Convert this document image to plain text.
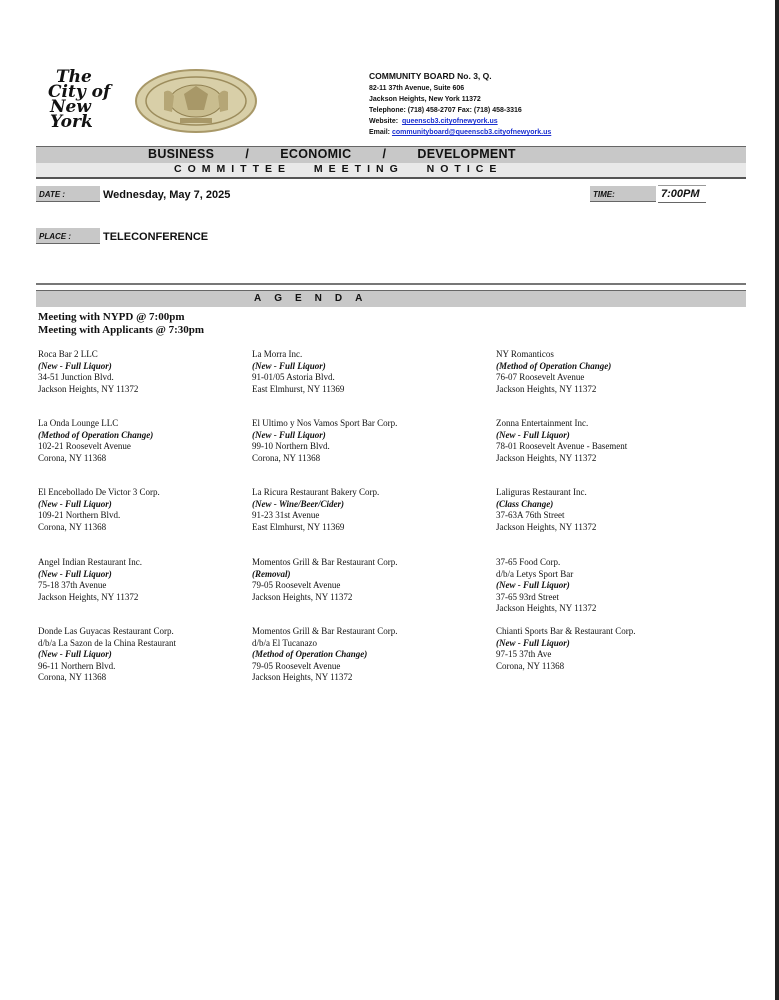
The
City of
New York
COMMUNITY BOARD No. 3, Q.
82-11 37th Avenue, Suite 606
Jackson Heights, New York 11372
Telephone: (718) 458-2707 Fax: (718) 458-3316
Website: queenscb3.cityofnewyork.us
Email: communityboard@queenscb3.cityofnewyork.us
BUSINESS    /    ECONOMIC    /    DEVELOPMENT
COMMITTEE MEETING NOTICE
DATE :	Wednesday, May 7, 2025	TIME:	7:00PM
PLACE :	TELECONFERENCE
AGENDA
Meeting with NYPD @ 7:00pm
Meeting with Applicants @ 7:30pm
Roca Bar 2 LLC
(New - Full Liquor)
34-51 Junction Blvd.
Jackson Heights, NY 11372
La Morra Inc.
(New - Full Liquor)
91-01/05 Astoria Blvd.
East Elmhurst, NY 11369
NY Romanticos
(Method of Operation Change)
76-07 Roosevelt Avenue
Jackson Heights, NY 11372
La Onda Lounge LLC
(Method of Operation Change)
102-21 Roosevelt Avenue
Corona, NY 11368
El Ultimo y Nos Vamos Sport Bar Corp.
(New - Full Liquor)
99-10 Northern Blvd.
Corona, NY 11368
Zonna Entertainment Inc.
(New - Full Liquor)
78-01 Roosevelt Avenue - Basement
Jackson Heights, NY 11372
El Encebollado De Victor 3 Corp.
(New - Full Liquor)
109-21 Northern Blvd.
Corona, NY 11368
La Ricura Restaurant Bakery Corp.
(New - Wine/Beer/Cider)
91-23 31st Avenue
East Elmhurst, NY 11369
Laliguras Restaurant Inc.
(Class Change)
37-63A 76th Street
Jackson Heights, NY 11372
Angel Indian Restaurant Inc.
(New - Full Liquor)
75-18 37th Avenue
Jackson Heights, NY 11372
Momentos Grill & Bar Restaurant Corp.
(Removal)
79-05 Roosevelt Avenue
Jackson Heights, NY 11372
37-65 Food Corp.
d/b/a Letys Sport Bar
(New - Full Liquor)
37-65 93rd Street
Jackson Heights, NY 11372
Donde Las Guyacas Restaurant Corp.
d/b/a La Sazon de la China Restaurant
(New - Full Liquor)
96-11 Northern Blvd.
Corona, NY 11368
Momentos Grill & Bar Restaurant Corp.
d/b/a El Tucanazo
(Method of Operation Change)
79-05 Roosevelt Avenue
Jackson Heights, NY 11372
Chianti Sports Bar & Restaurant Corp.
(New - Full Liquor)
97-15 37th Ave
Corona, NY 11368
